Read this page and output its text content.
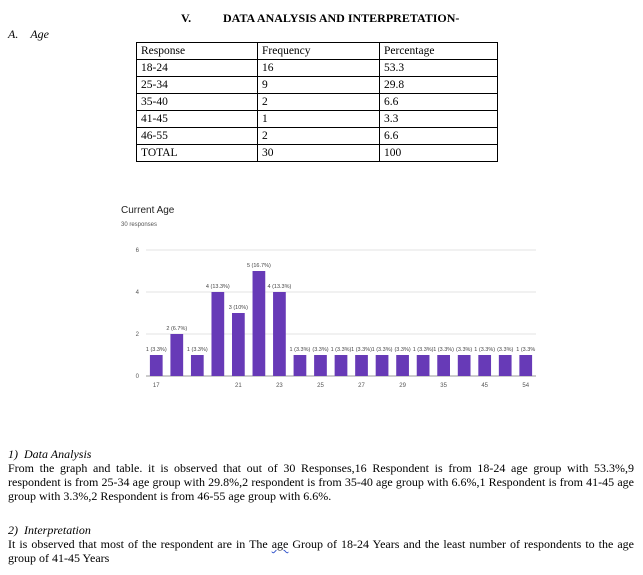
V.	DATA ANALYSIS AND INTERPRETATION-
A. Age
Response	Frequency	Percentage
18-24	16	53.3
25-34	9	29.8
35-40	2	6.6
41-45	1	3.3
46-55	2	6.6
TOTAL	30	100
Current Age
30 responses
0
2
4
6
1 (3.3%)
2 (6.7%)
1 (3.3%)
4 (13.3%)
3 (10%)
5 (16.7%)
4 (13.3%)
1 (3.3%) (3.3%) 1 (3.3%) 1 (3.3%) 1 (3.3%) (3.3%) 1 (3.3%) 1 (3.3%) (3.3%) 1 (3.3%) (3.3%) 1 (3.3%
17	21	23	25	27	29	35	45	54
1) Data Analysis
From the graph and table. it is observed that out of 30 Responses,16 Respondent is from 18-24 age group with 53.3%,9 respondent is from 25-34 age group with 29.8%,2 respondent is from 35-40 age group with 6.6%,1 Respondent is from 41-45 age group with 3.3%,2 Respondent is from 46-55 age group with 6.6%.
2) Interpretation
It is observed that most of the respondent are in The age Group of 18-24 Years and the least number of respondents to the age group of 41-45 Years
